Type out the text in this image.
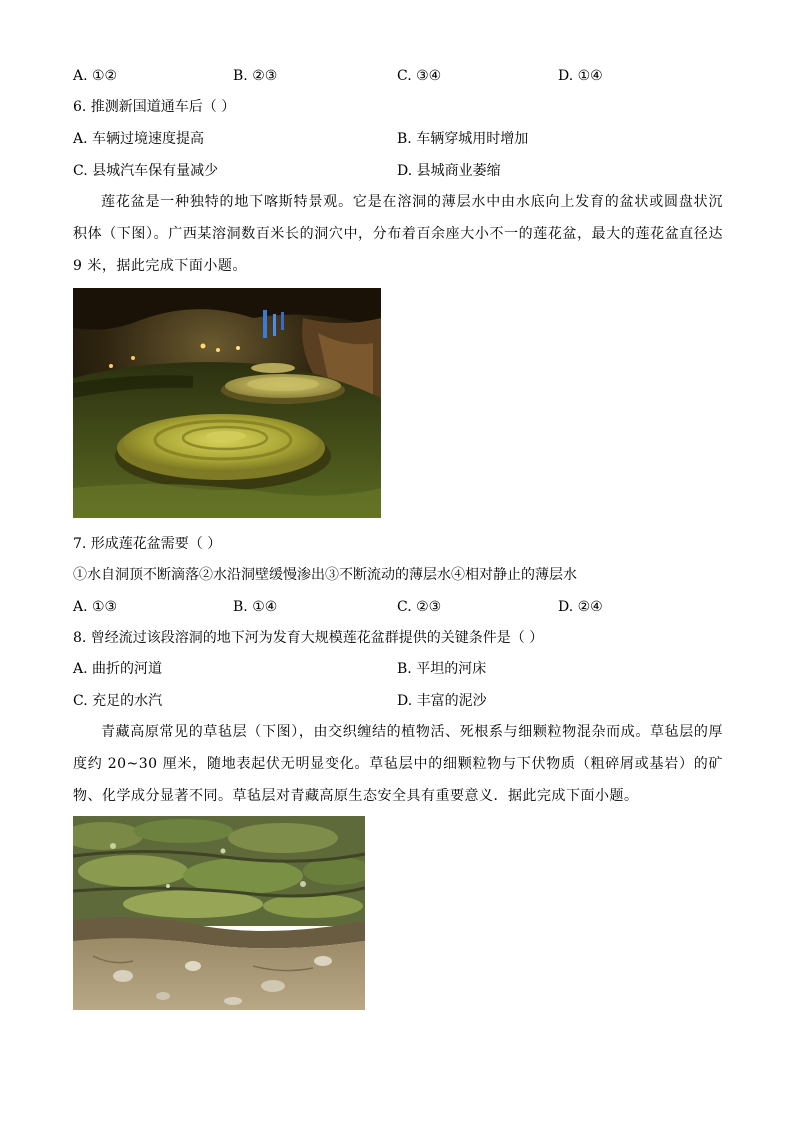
A. ①②	B. ②③	C. ③④	D. ①④
6. 推测新国道通车后（ ）
A. 车辆过境速度提高	B. 车辆穿城用时增加
C. 县城汽车保有量减少	D. 县城商业萎缩
莲花盆是一种独特的地下喀斯特景观。它是在溶洞的薄层水中由水底向上发育的盆状或圆盘状沉积体（下图）。广西某溶洞数百米长的洞穴中，分布着百余座大小不一的莲花盆，最大的莲花盆直径达 9 米，据此完成下面小题。
7. 形成莲花盆需要（ ）
①水自洞顶不断滴落②水沿洞壁缓慢渗出③不断流动的薄层水④相对静止的薄层水
A. ①③	B. ①④	C. ②③	D. ②④
8. 曾经流过该段溶洞的地下河为发育大规模莲花盆群提供的关键条件是（ ）
A. 曲折的河道	B. 平坦的河床
C. 充足的水汽	D. 丰富的泥沙
青藏高原常见的草毡层（下图），由交织缠结的植物活、死根系与细颗粒物混杂而成。草毡层的厚度约 20~30 厘米，随地表起伏无明显变化。草毡层中的细颗粒物与下伏物质（粗碎屑或基岩）的矿物、化学成分显著不同。草毡层对青藏高原生态安全具有重要意义．据此完成下面小题。
